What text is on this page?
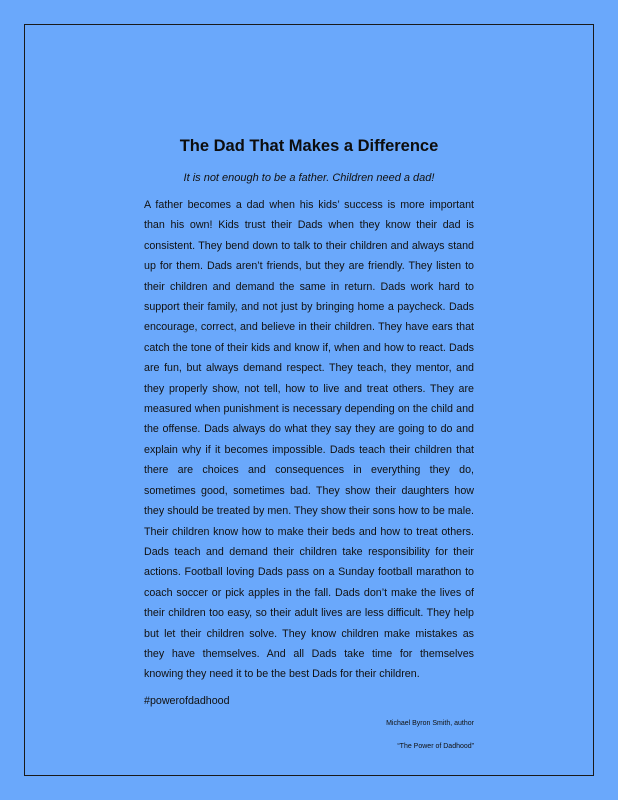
The Dad That Makes a Difference

It is not enough to be a father. Children need a dad!

A father becomes a dad when his kids’ success is more important than his own! Kids trust their Dads when they know their dad is consistent. They bend down to talk to their children and always stand up for them. Dads aren’t friends, but they are friendly. They listen to their children and demand the same in return. Dads work hard to support their family, and not just by bringing home a paycheck. Dads encourage, correct, and believe in their children. They have ears that catch the tone of their kids and know if, when and how to react. Dads are fun, but always demand respect. They teach, they mentor, and they properly show, not tell, how to live and treat others. They are measured when punishment is necessary depending on the child and the offense. Dads always do what they say they are going to do and explain why if it becomes impossible. Dads teach their children that there are choices and consequences in everything they do, sometimes good, sometimes bad. They show their daughters how they should be treated by men. They show their sons how to be male. Their children know how to make their beds and how to treat others. Dads teach and demand their children take responsibility for their actions. Football loving Dads pass on a Sunday football marathon to coach soccer or pick apples in the fall. Dads don’t make the lives of their children too easy, so their adult lives are less difficult. They help but let their children solve. They know children make mistakes as they have themselves. And all Dads take time for themselves knowing they need it to be the best Dads for their children.

#powerofdadhood

Michael Byron Smith, author

“The Power of Dadhood”
